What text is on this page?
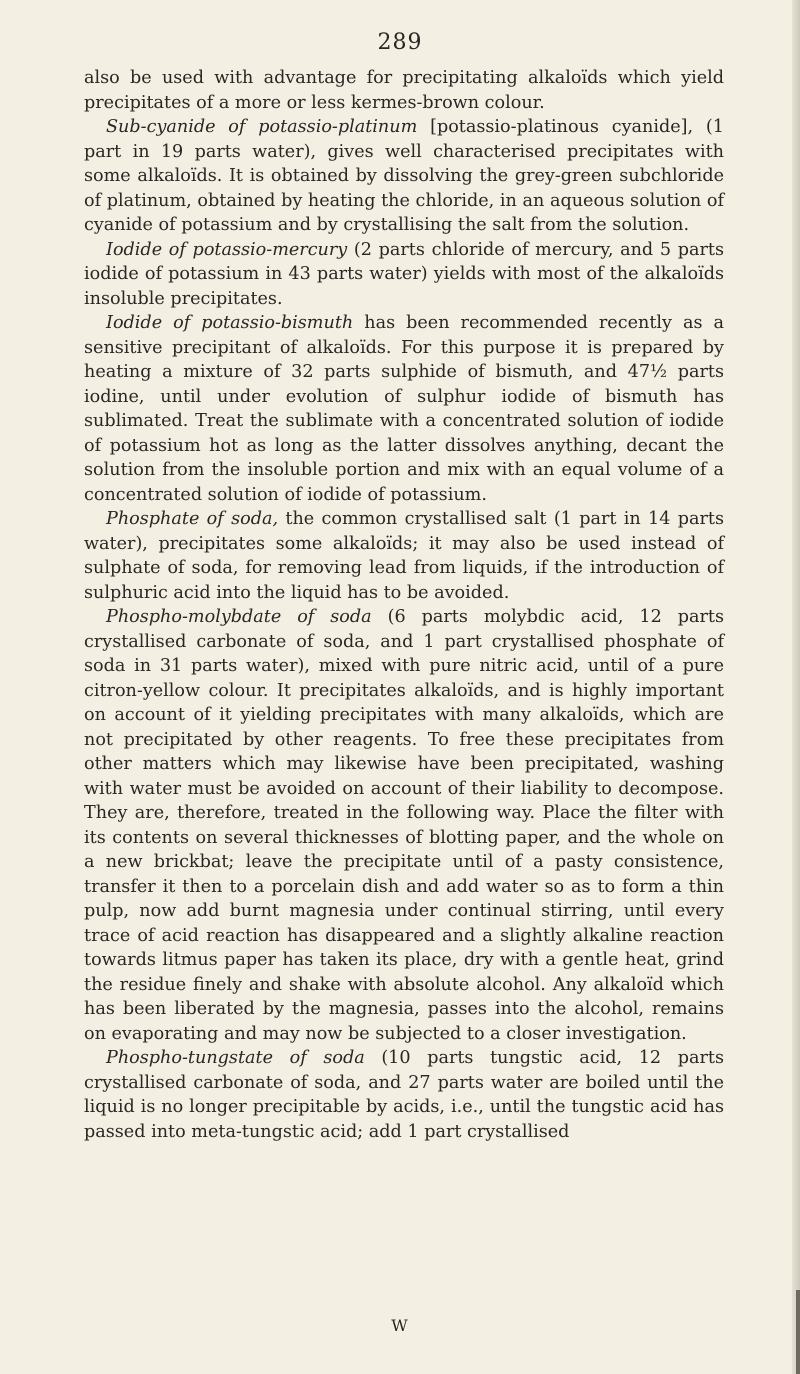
289

also be used with advantage for precipitating alkaloïds which yield precipitates of a more or less kermes-brown colour.

Sub-cyanide of potassio-platinum [potassio-platinous cyanide], (1 part in 19 parts water), gives well characterised precipitates with some alkaloïds. It is obtained by dissolving the grey-green subchloride of platinum, obtained by heating the chloride, in an aqueous solution of cyanide of potassium and by crystallising the salt from the solution.

Iodide of potassio-mercury (2 parts chloride of mercury, and 5 parts iodide of potassium in 43 parts water) yields with most of the alkaloïds insoluble precipitates.

Iodide of potassio-bismuth has been recommended recently as a sensitive precipitant of alkaloïds. For this purpose it is prepared by heating a mixture of 32 parts sulphide of bismuth, and 47½ parts iodine, until under evolution of sulphur iodide of bismuth has sublimated. Treat the sublimate with a concentrated solution of iodide of potassium hot as long as the latter dissolves anything, decant the solution from the insoluble portion and mix with an equal volume of a concentrated solution of iodide of potassium.

Phosphate of soda, the common crystallised salt (1 part in 14 parts water), precipitates some alkaloïds; it may also be used instead of sulphate of soda, for removing lead from liquids, if the introduction of sulphuric acid into the liquid has to be avoided.

Phospho-molybdate of soda (6 parts molybdic acid, 12 parts crystallised carbonate of soda, and 1 part crystallised phosphate of soda in 31 parts water), mixed with pure nitric acid, until of a pure citron-yellow colour. It precipitates alkaloïds, and is highly important on account of it yielding precipitates with many alkaloïds, which are not precipitated by other reagents. To free these precipitates from other matters which may likewise have been precipitated, washing with water must be avoided on account of their liability to decompose. They are, therefore, treated in the following way. Place the filter with its contents on several thicknesses of blotting paper, and the whole on a new brickbat; leave the precipitate until of a pasty consistence, transfer it then to a porcelain dish and add water so as to form a thin pulp, now add burnt magnesia under continual stirring, until every trace of acid reaction has disappeared and a slightly alkaline reaction towards litmus paper has taken its place, dry with a gentle heat, grind the residue finely and shake with absolute alcohol. Any alkaloïd which has been liberated by the magnesia, passes into the alcohol, remains on evaporating and may now be subjected to a closer investigation.

Phospho-tungstate of soda (10 parts tungstic acid, 12 parts crystallised carbonate of soda, and 27 parts water are boiled until the liquid is no longer precipitable by acids, i.e., until the tungstic acid has passed into meta-tungstic acid; add 1 part crystallised

W
